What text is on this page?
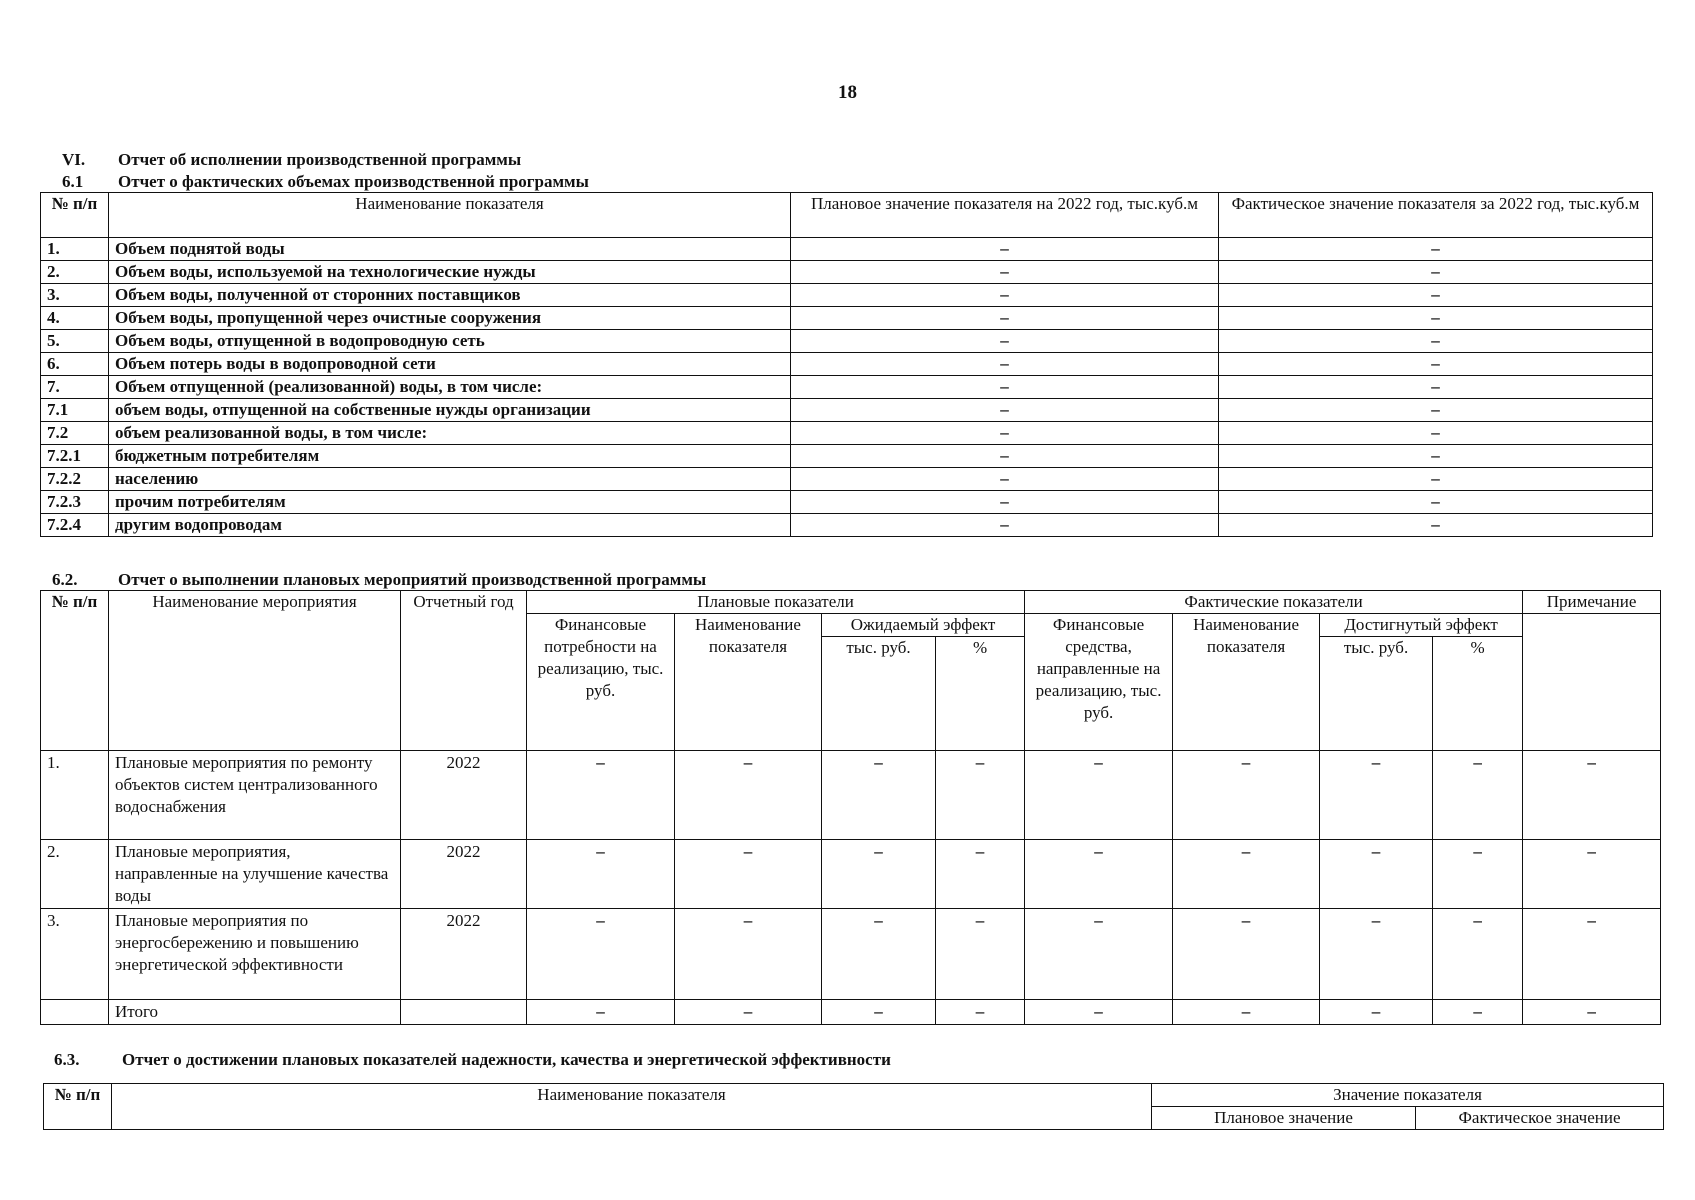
18
VI. Отчет об исполнении производственной программы
6.1 Отчет о фактических объемах производственной программы
№ п/п	Наименование показателя	Плановое значение показателя на 2022 год, тыс.куб.м	Фактическое значение показателя за 2022 год, тыс.куб.м
1.	Объем поднятой воды	–	–
2.	Объем воды, используемой на технологические нужды	–	–
3.	Объем воды, полученной от сторонних поставщиков	–	–
4.	Объем воды, пропущенной через очистные сооружения	–	–
5.	Объем воды, отпущенной в водопроводную сеть	–	–
6.	Объем потерь воды в водопроводной сети	–	–
7.	Объем отпущенной (реализованной) воды, в том числе:	–	–
7.1	объем воды, отпущенной на собственные нужды организации	–	–
7.2	объем реализованной воды, в том числе:	–	–
7.2.1	бюджетным потребителям	–	–
7.2.2	населению	–	–
7.2.3	прочим потребителям	–	–
7.2.4	другим водопроводам	–	–
6.2. Отчет о выполнении плановых мероприятий производственной программы
№ п/п	Наименование мероприятия	Отчетный год	Плановые показатели				Фактические показатели				Примечание
			Финансовые потребности на реализацию, тыс. руб.	Наименование показателя	Ожидаемый эффект		Финансовые средства, направленные на реализацию, тыс. руб.	Наименование показателя	Достигнутый эффект		
					тыс. руб.	%			тыс. руб.	%	
1.	Плановые мероприятия по ремонту объектов систем централизованного водоснабжения	2022	–	–	–	–	–	–	–	–	–
2.	Плановые мероприятия, направленные на улучшение качества воды	2022	–	–	–	–	–	–	–	–	–
3.	Плановые мероприятия по энергосбережению и повышению энергетической эффективности	2022	–	–	–	–	–	–	–	–	–
	Итого		–	–	–	–	–	–	–	–	–
6.3.	Отчет о достижении плановых показателей надежности, качества и энергетической эффективности
№ п/п	Наименование показателя	Значение показателя	
		Плановое значение	Фактическое значение
